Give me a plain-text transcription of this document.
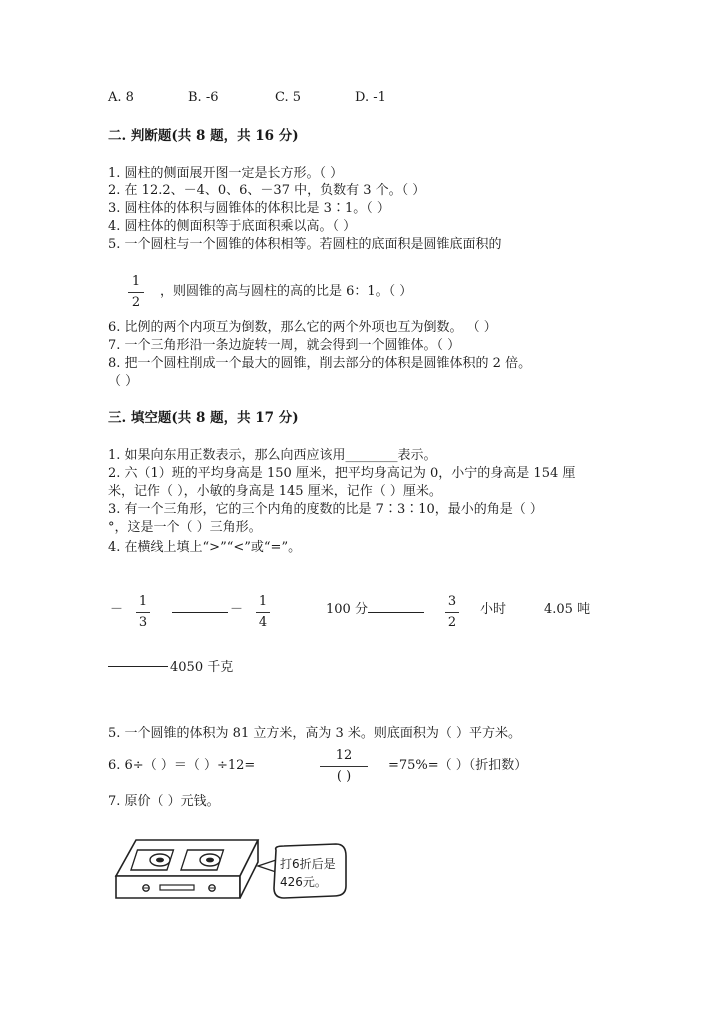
A. 8	B. -6	C. 5	D. -1
二. 判断题(共 8 题，共 16 分)
1. 圆柱的侧面展开图一定是长方形。（ ）
2. 在 12.2、－4、0、6、－37 中，负数有 3 个。（ ）
3. 圆柱体的体积与圆锥体的体积比是 3∶1。（ ）
4. 圆柱体的侧面积等于底面积乘以高。（ ）
5. 一个圆柱与一个圆锥的体积相等。若圆柱的底面积是圆锥底面积的
1
2
，则圆锥的高与圆柱的高的比是 6：1。（ ）
6. 比例的两个内项互为倒数，那么它的两个外项也互为倒数。 （ ）
7. 一个三角形沿一条边旋转一周，就会得到一个圆锥体。（ ）
8. 把一个圆柱削成一个最大的圆锥，削去部分的体积是圆锥体积的 2 倍。
（ ）
三. 填空题(共 8 题，共 17 分)
1. 如果向东用正数表示，那么向西应该用________表示。
2. 六（1）班的平均身高是 150 厘米，把平均身高记为 0，小宁的身高是 154 厘
米，记作（ ），小敏的身高是 145 厘米，记作（ ）厘米。
3. 有一个三角形，它的三个内角的度数的比是 7∶3∶10，最小的角是（ ）
°，这是一个（ ）三角形。
4. 在横线上填上“>”“<”或“=”。
－
1
3
－
1
4
100 分
3
2
小时	4.05 吨
4050 千克
5. 一个圆锥的体积为 81 立方米，高为 3 米。则底面积为（ ）平方米。
6. 6÷（ ）＝（ ）÷12=
12
( )
=75%=（ ）（折扣数）
7. 原价（ ）元钱。
打6折后是
426元。
